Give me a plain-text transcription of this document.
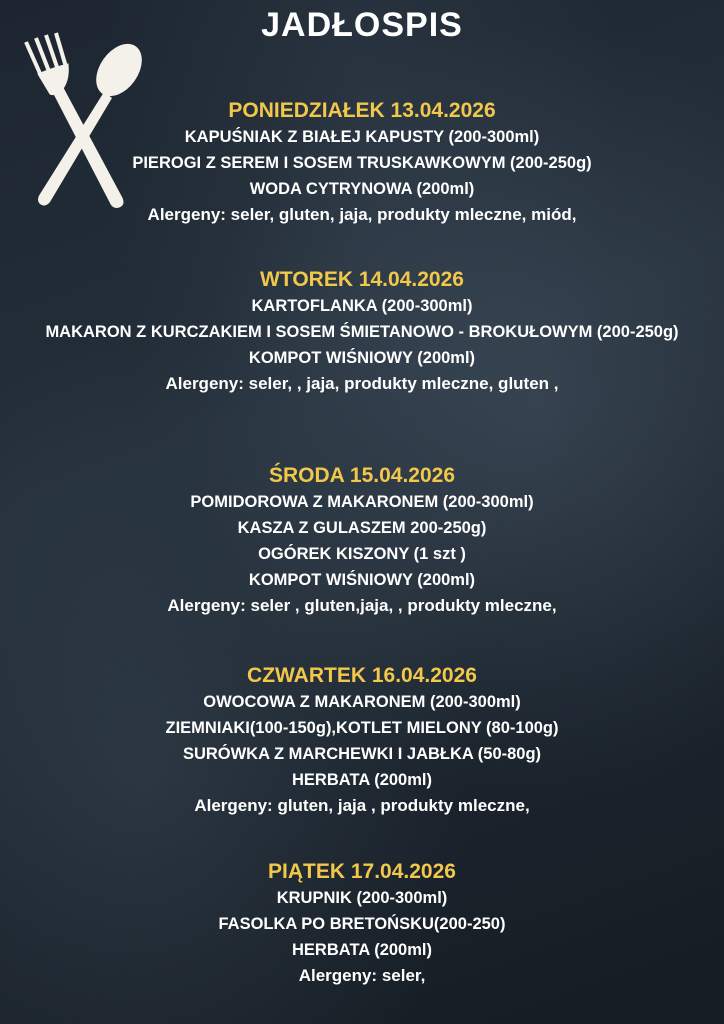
JADŁOSPIS

PONIEDZIAŁEK 13.04.2026

KAPUŚNIAK Z BIAŁEJ KAPUSTY (200-300ml)

PIEROGI Z SEREM I SOSEM TRUSKAWKOWYM (200-250g)

WODA CYTRYNOWA (200ml)

Alergeny: seler, gluten, jaja, produkty mleczne, miód,

WTOREK 14.04.2026

KARTOFLANKA (200-300ml)

MAKARON Z KURCZAKIEM I SOSEM ŚMIETANOWO - BROKUŁOWYM (200-250g)

KOMPOT WIŚNIOWY (200ml)

Alergeny: seler, , jaja, produkty mleczne, gluten ,

ŚRODA 15.04.2026

POMIDOROWA Z MAKARONEM (200-300ml)

KASZA Z GULASZEM 200-250g)

OGÓREK KISZONY (1 szt )

KOMPOT WIŚNIOWY (200ml)

Alergeny: seler , gluten,jaja, , produkty mleczne,

CZWARTEK 16.04.2026

OWOCOWA Z MAKARONEM (200-300ml)

ZIEMNIAKI(100-150g),KOTLET MIELONY (80-100g)

SURÓWKA Z MARCHEWKI I JABŁKA (50-80g)

HERBATA (200ml)

Alergeny: gluten, jaja , produkty mleczne,

PIĄTEK 17.04.2026

KRUPNIK (200-300ml)

FASOLKA PO BRETOŃSKU(200-250)

HERBATA (200ml)

Alergeny: seler,
